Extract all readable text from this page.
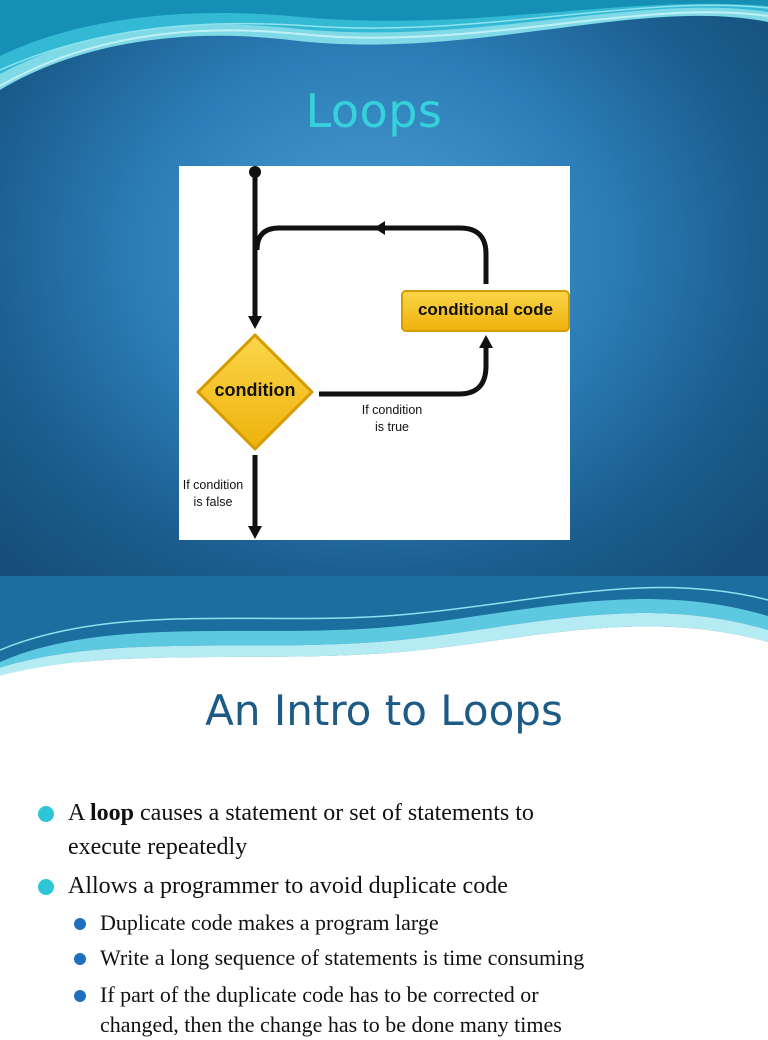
Loops
condition
conditional code
If condition
is true
If condition
is false
An Intro to Loops
A loop causes a statement or set of statements to
execute repeatedly
Allows a programmer to avoid duplicate code
Duplicate code makes a program large
Write a long sequence of statements is time consuming
If part of the duplicate code has to be corrected or
changed, then the change has to be done many times
